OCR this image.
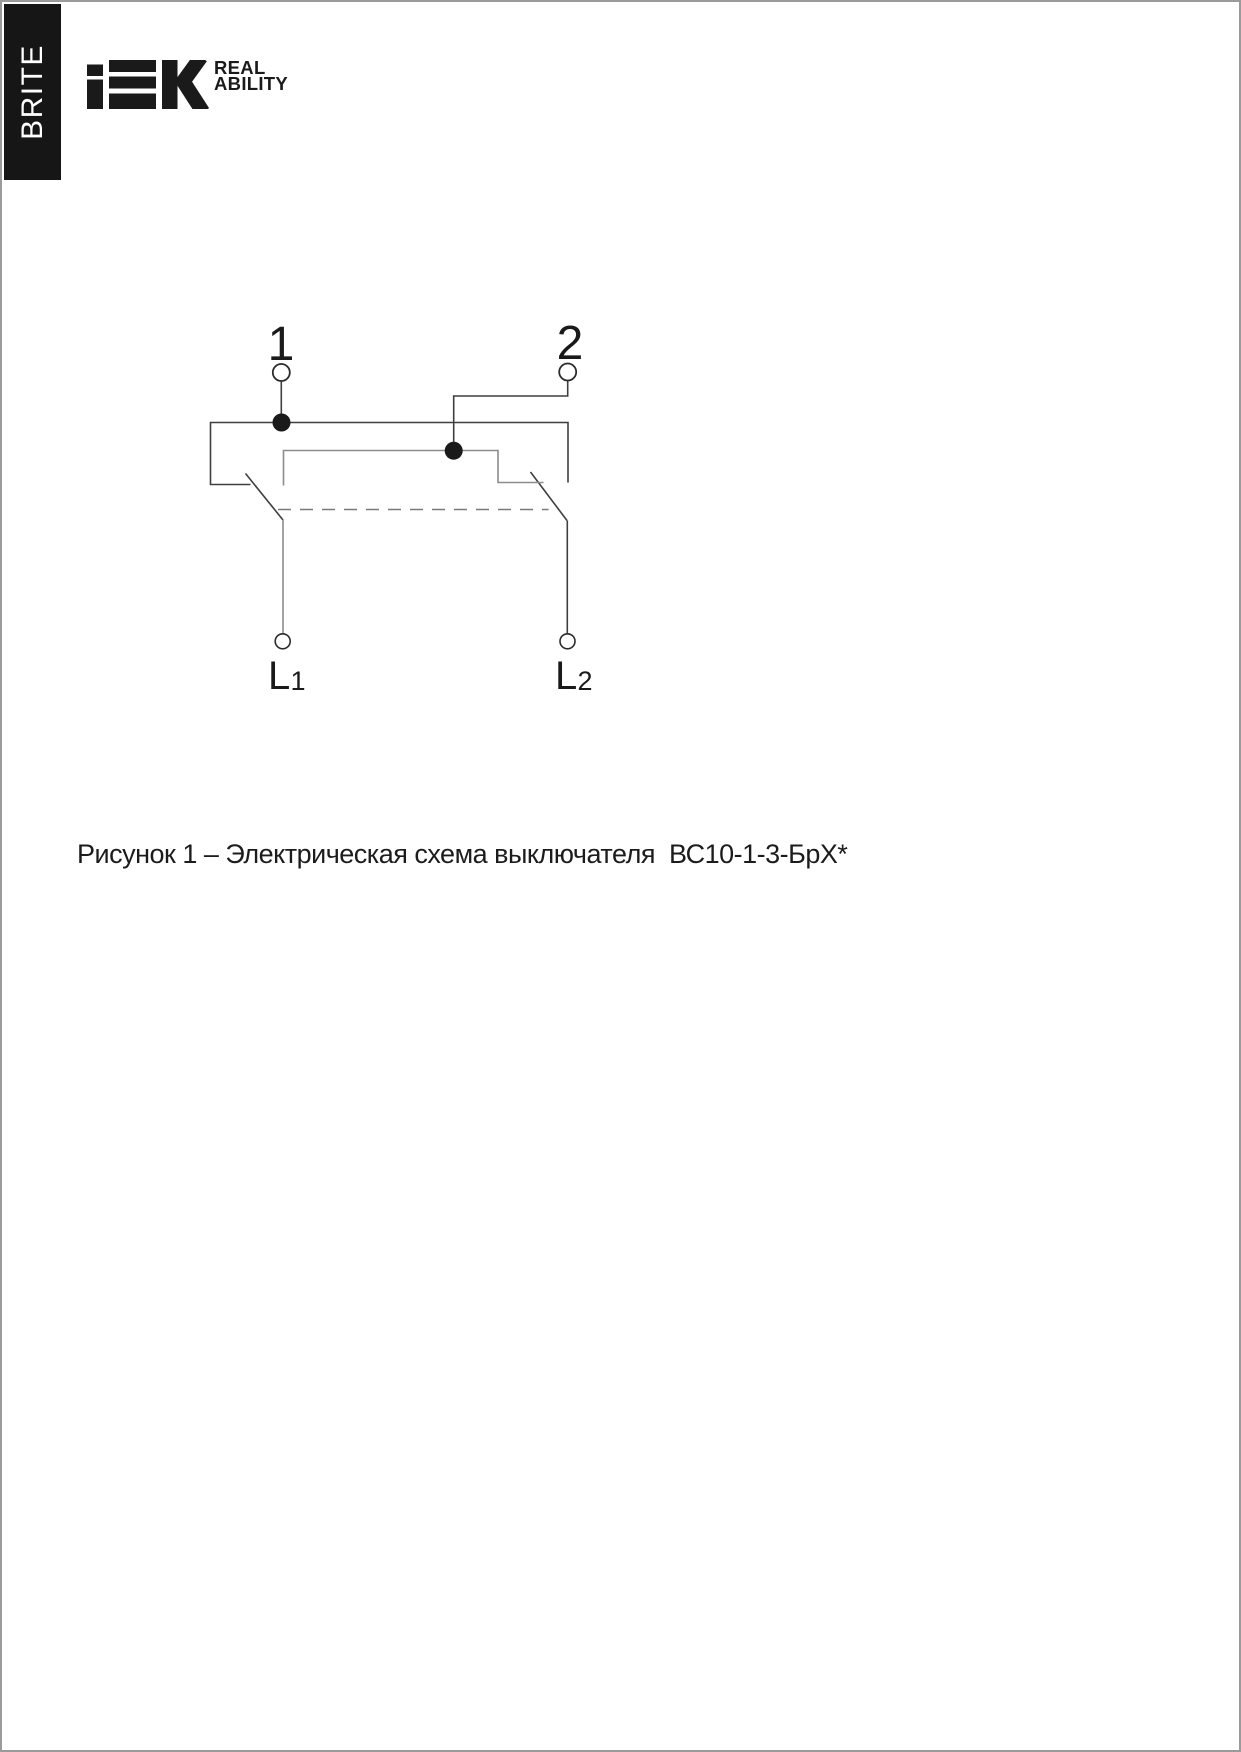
BRITE	REAL
ABILITY
1	2
L 1	L 2
Рисунок 1 – Электрическая схема выключателя  ВС10-1-3-БрХ*
